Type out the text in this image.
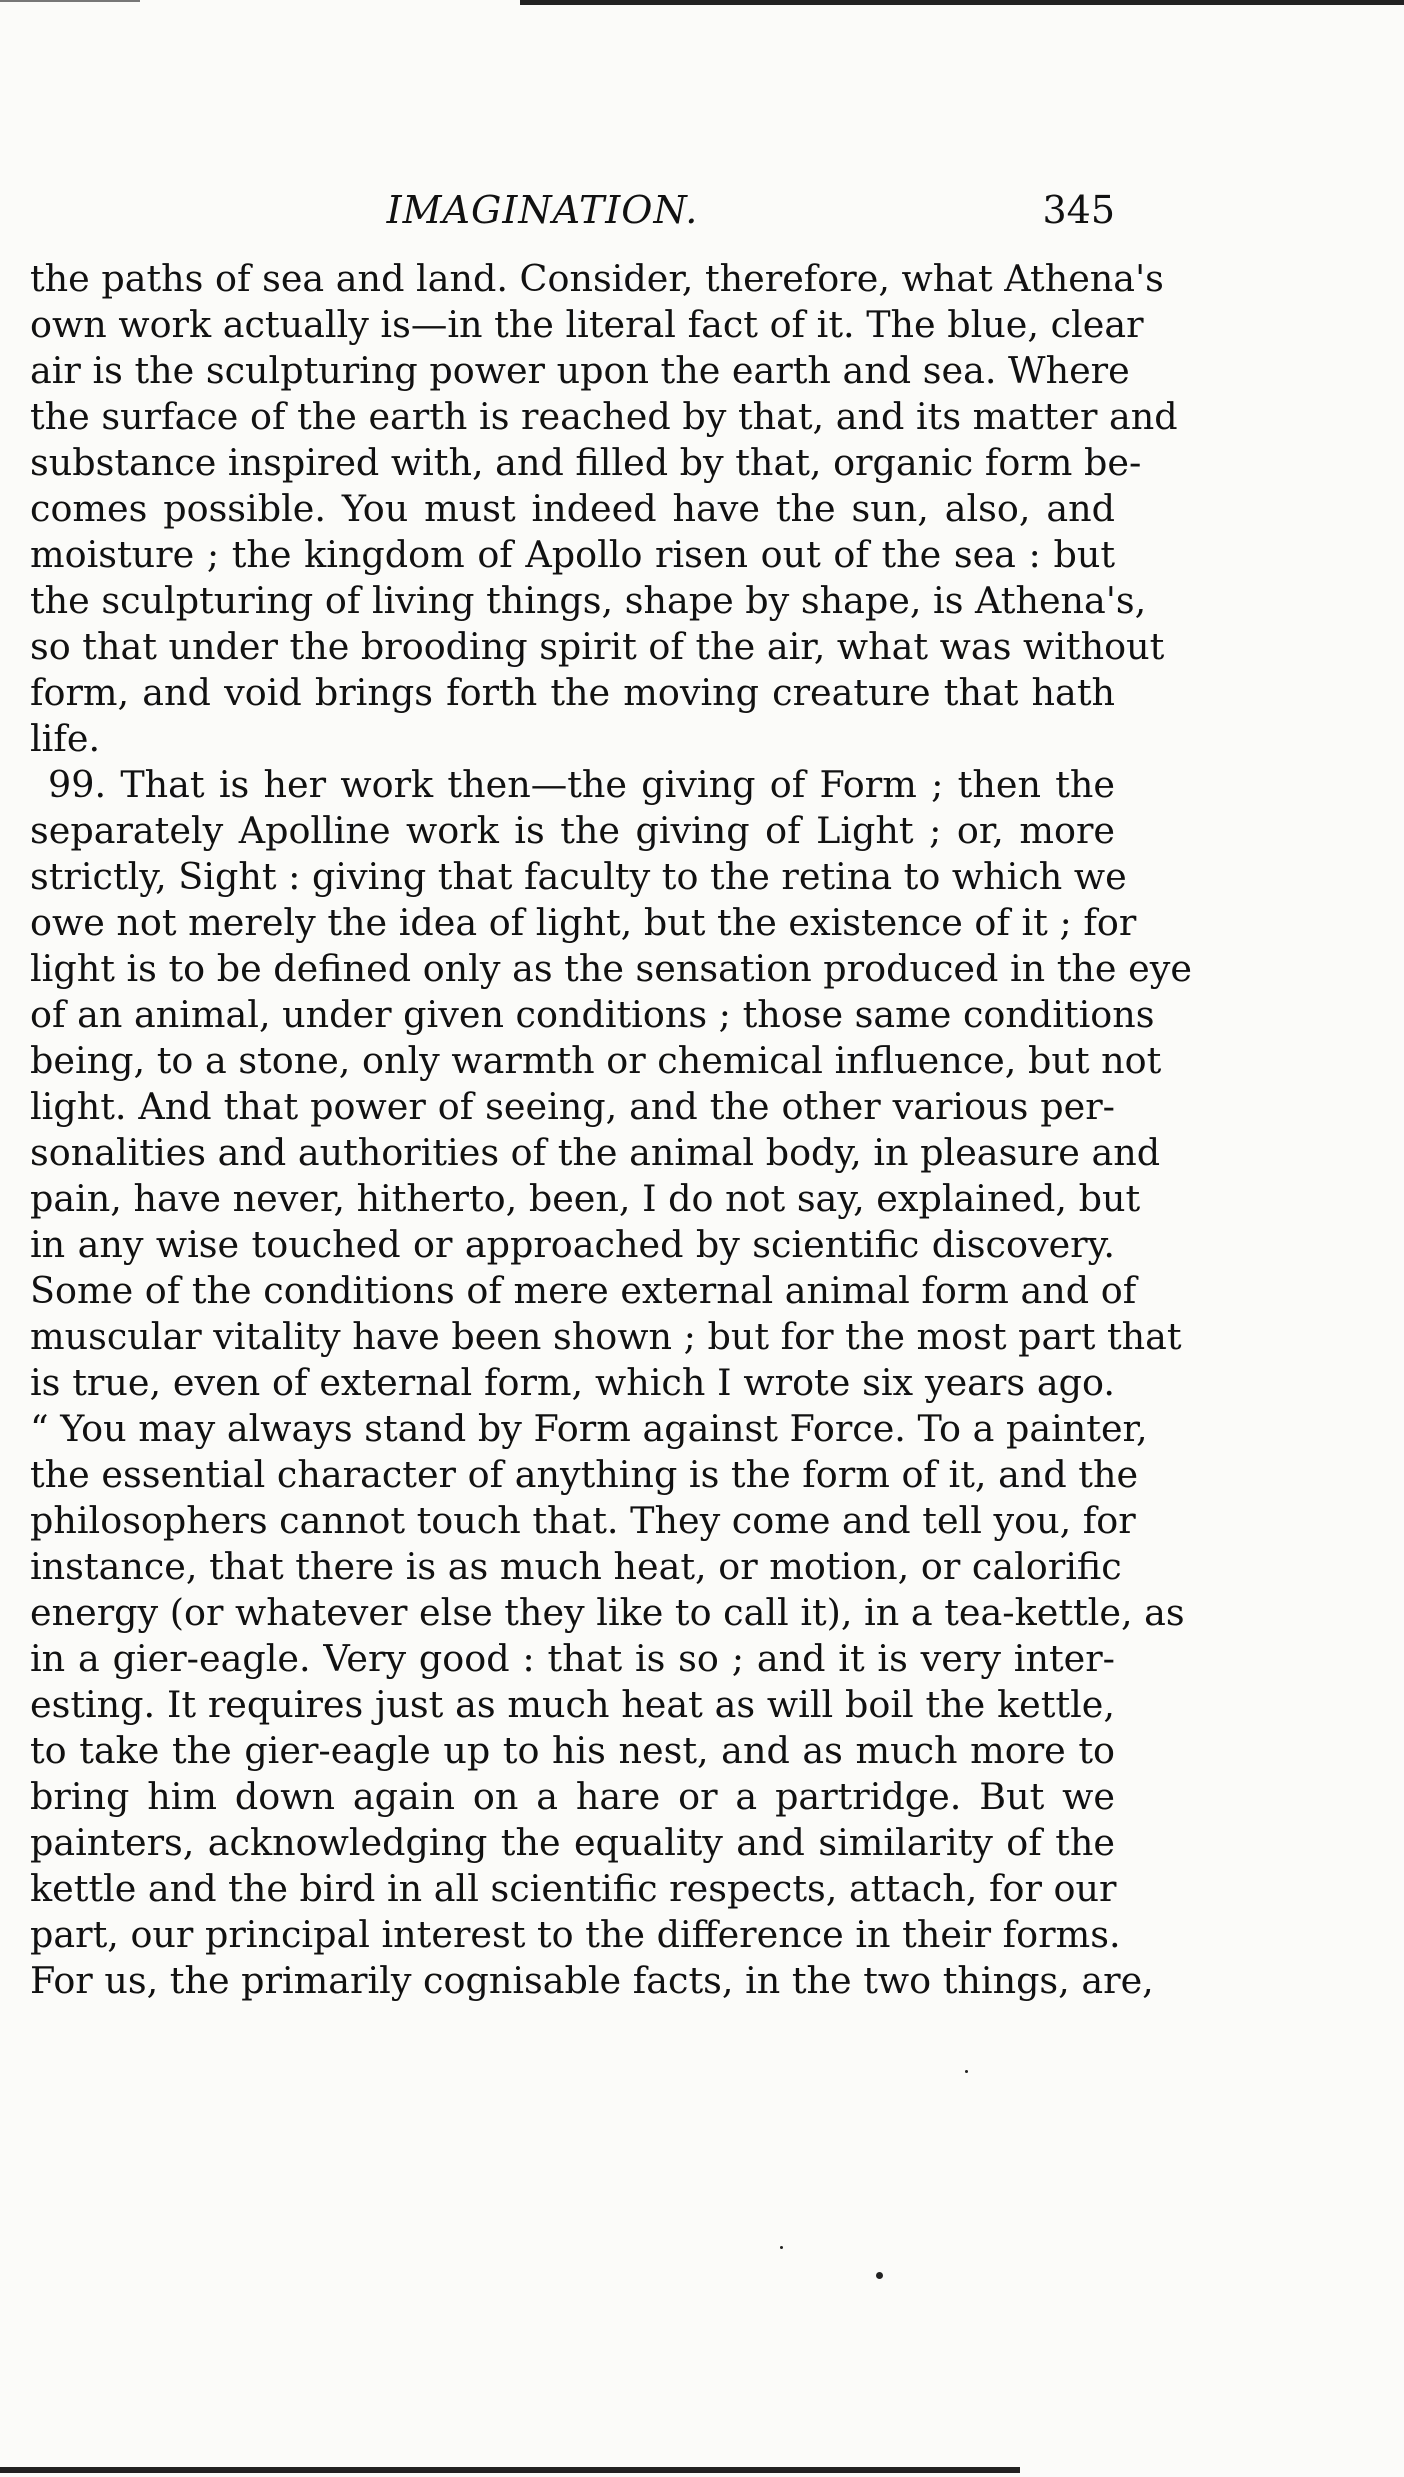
IMAGINATION.	345
the paths of sea and land. Consider, therefore, what Athena's
own work actually is—in the literal fact of it. The blue, clear
air is the sculpturing power upon the earth and sea. Where
the surface of the earth is reached by that, and its matter and
substance inspired with, and filled by that, organic form be-
comes possible. You must indeed have the sun, also, and
moisture ; the kingdom of Apollo risen out of the sea : but
the sculpturing of living things, shape by shape, is Athena's,
so that under the brooding spirit of the air, what was without
form, and void brings forth the moving creature that hath
life.
99. That is her work then—the giving of Form ; then the
separately Apolline work is the giving of Light ; or, more
strictly, Sight : giving that faculty to the retina to which we
owe not merely the idea of light, but the existence of it ; for
light is to be defined only as the sensation produced in the eye
of an animal, under given conditions ; those same conditions
being, to a stone, only warmth or chemical influence, but not
light. And that power of seeing, and the other various per-
sonalities and authorities of the animal body, in pleasure and
pain, have never, hitherto, been, I do not say, explained, but
in any wise touched or approached by scientific discovery.
Some of the conditions of mere external animal form and of
muscular vitality have been shown ; but for the most part that
is true, even of external form, which I wrote six years ago.
“ You may always stand by Form against Force. To a painter,
the essential character of anything is the form of it, and the
philosophers cannot touch that. They come and tell you, for
instance, that there is as much heat, or motion, or calorific
energy (or whatever else they like to call it), in a tea-kettle, as
in a gier-eagle. Very good : that is so ; and it is very inter-
esting. It requires just as much heat as will boil the kettle,
to take the gier-eagle up to his nest, and as much more to
bring him down again on a hare or a partridge. But we
painters, acknowledging the equality and similarity of the
kettle and the bird in all scientific respects, attach, for our
part, our principal interest to the difference in their forms.
For us, the primarily cognisable facts, in the two things, are,
